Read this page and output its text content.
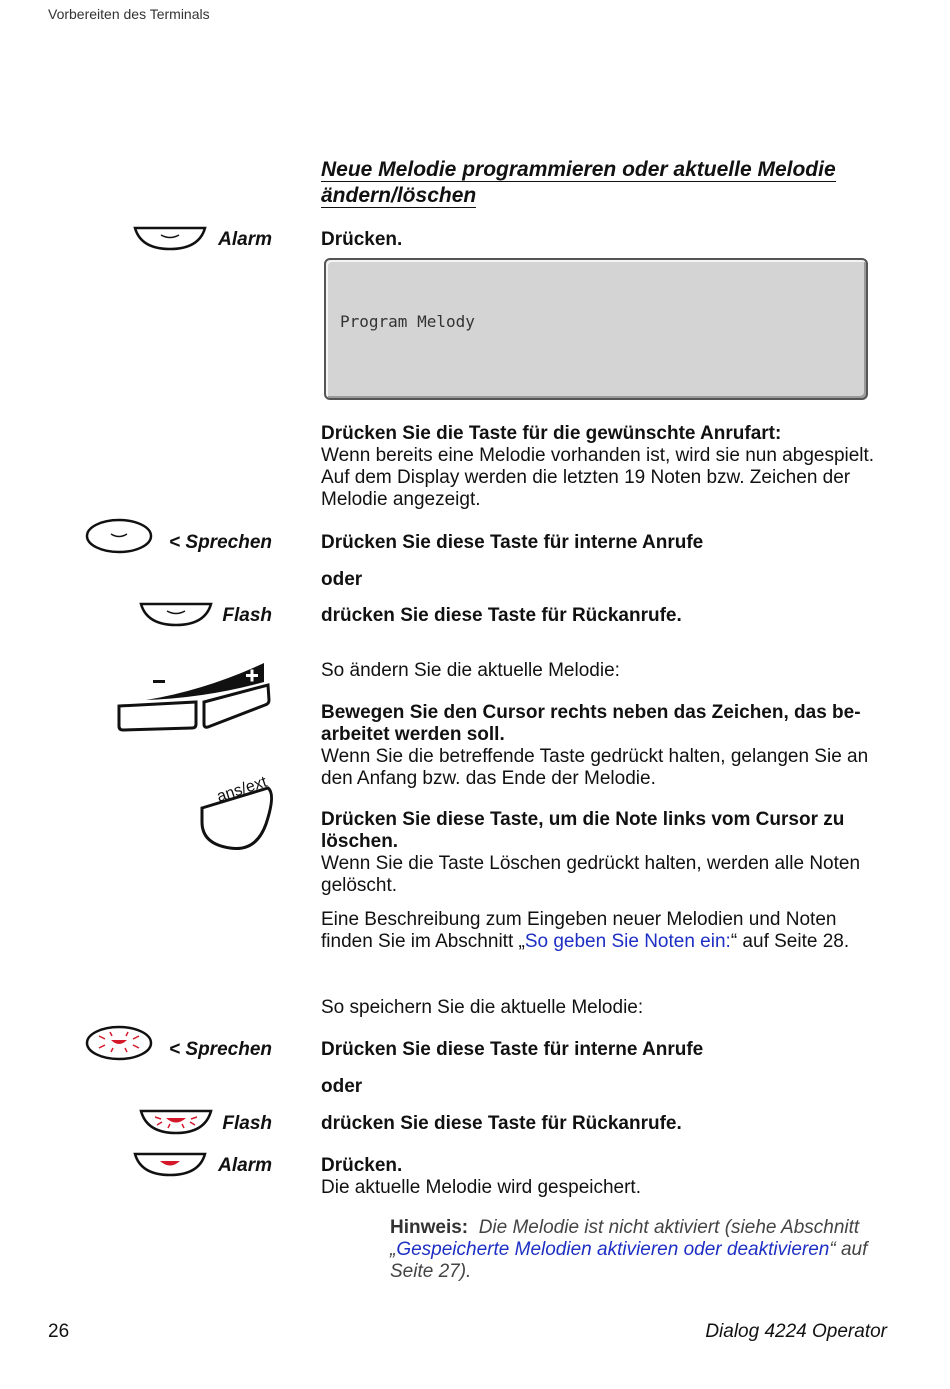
Vorbereiten des Terminals
Neue Melodie programmieren oder aktuelle Melodie ändern/löschen
Alarm	Drücken.
Program Melody
Drücken Sie die Taste für die gewünschte Anrufart:
Wenn bereits eine Melodie vorhanden ist, wird sie nun abgespielt. Auf dem Display werden die letzten 19 Noten bzw. Zeichen der Melodie angezeigt.
< Sprechen	Drücken Sie diese Taste für interne Anrufe
oder
Flash	drücken Sie diese Taste für Rückanrufe.
So ändern Sie die aktuelle Melodie:
Bewegen Sie den Cursor rechts neben das Zeichen, das be-arbeitet werden soll.
Wenn Sie die betreffende Taste gedrückt halten, gelangen Sie an den Anfang bzw. das Ende der Melodie.
ans/ext
Drücken Sie diese Taste, um die Note links vom Cursor zu löschen.
Wenn Sie die Taste Löschen gedrückt halten, werden alle Noten gelöscht.
Eine Beschreibung zum Eingeben neuer Melodien und Noten finden Sie im Abschnitt „So geben Sie Noten ein:“ auf Seite 28.
So speichern Sie die aktuelle Melodie:
< Sprechen	Drücken Sie diese Taste für interne Anrufe
oder
Flash	drücken Sie diese Taste für Rückanrufe.
Alarm	Drücken.
Die aktuelle Melodie wird gespeichert.
Hinweis: Die Melodie ist nicht aktiviert (siehe Abschnitt „Gespeicherte Melodien aktivieren oder deaktivieren“ auf Seite 27).
26	Dialog 4224 Operator
